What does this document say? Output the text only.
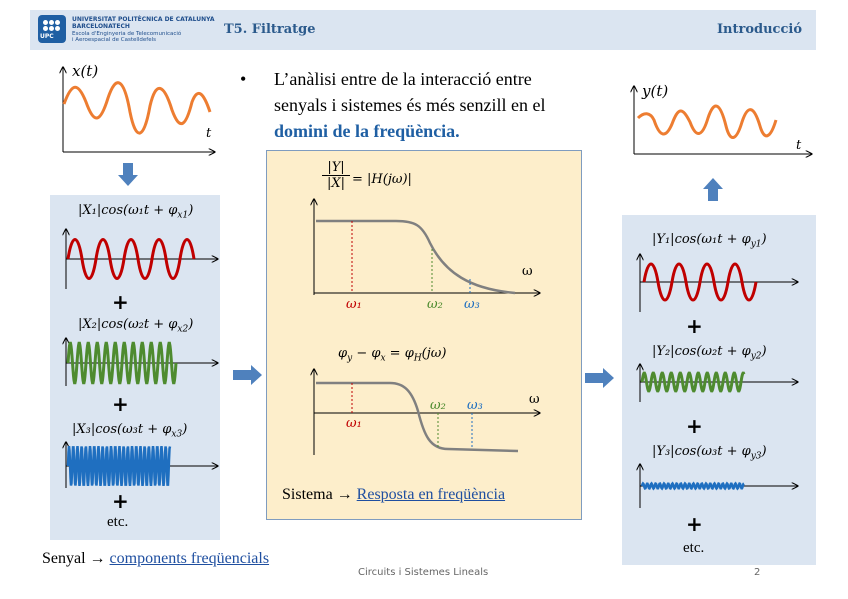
UPC
UNIVERSITAT POLITÈCNICA DE CATALUNYA
BARCELONATECH
Escola d'Enginyeria de Telecomunicació
i Aeroespacial de Castelldefels
T5. Filtratge	Introducció
x(t)
t
$|X_1|\cos(\omega_1t + \varphi_{x1})$
+
$|X_2|\cos(\omega_2t + \varphi_{x2})$
+
$|X_3|\cos(\omega_3t + \varphi_{x3})$
+
etc.
Senyal → components freqüencials
• L’anàlisi entre de la interacció entre
senyals i sistemes és més senzill en el
domini de la freqüència.
|Y|
|X| = |H(jω)|
ω
ω₁	ω₂ ω₃
$\varphi_y - \varphi_x = \varphi_H(j\omega)$
ω
ω₁
ω₂ ω₃
Sistema → Resposta en freqüència
y(t)
t
$|Y_1|\cos(\omega_1t + \varphi_{y1})$
+
$|Y_2|\cos(\omega_2t + \varphi_{y2})$
+
$|Y_3|\cos(\omega_3t + \varphi_{y3})$
+
etc.
Circuits i Sistemes Lineals	2
